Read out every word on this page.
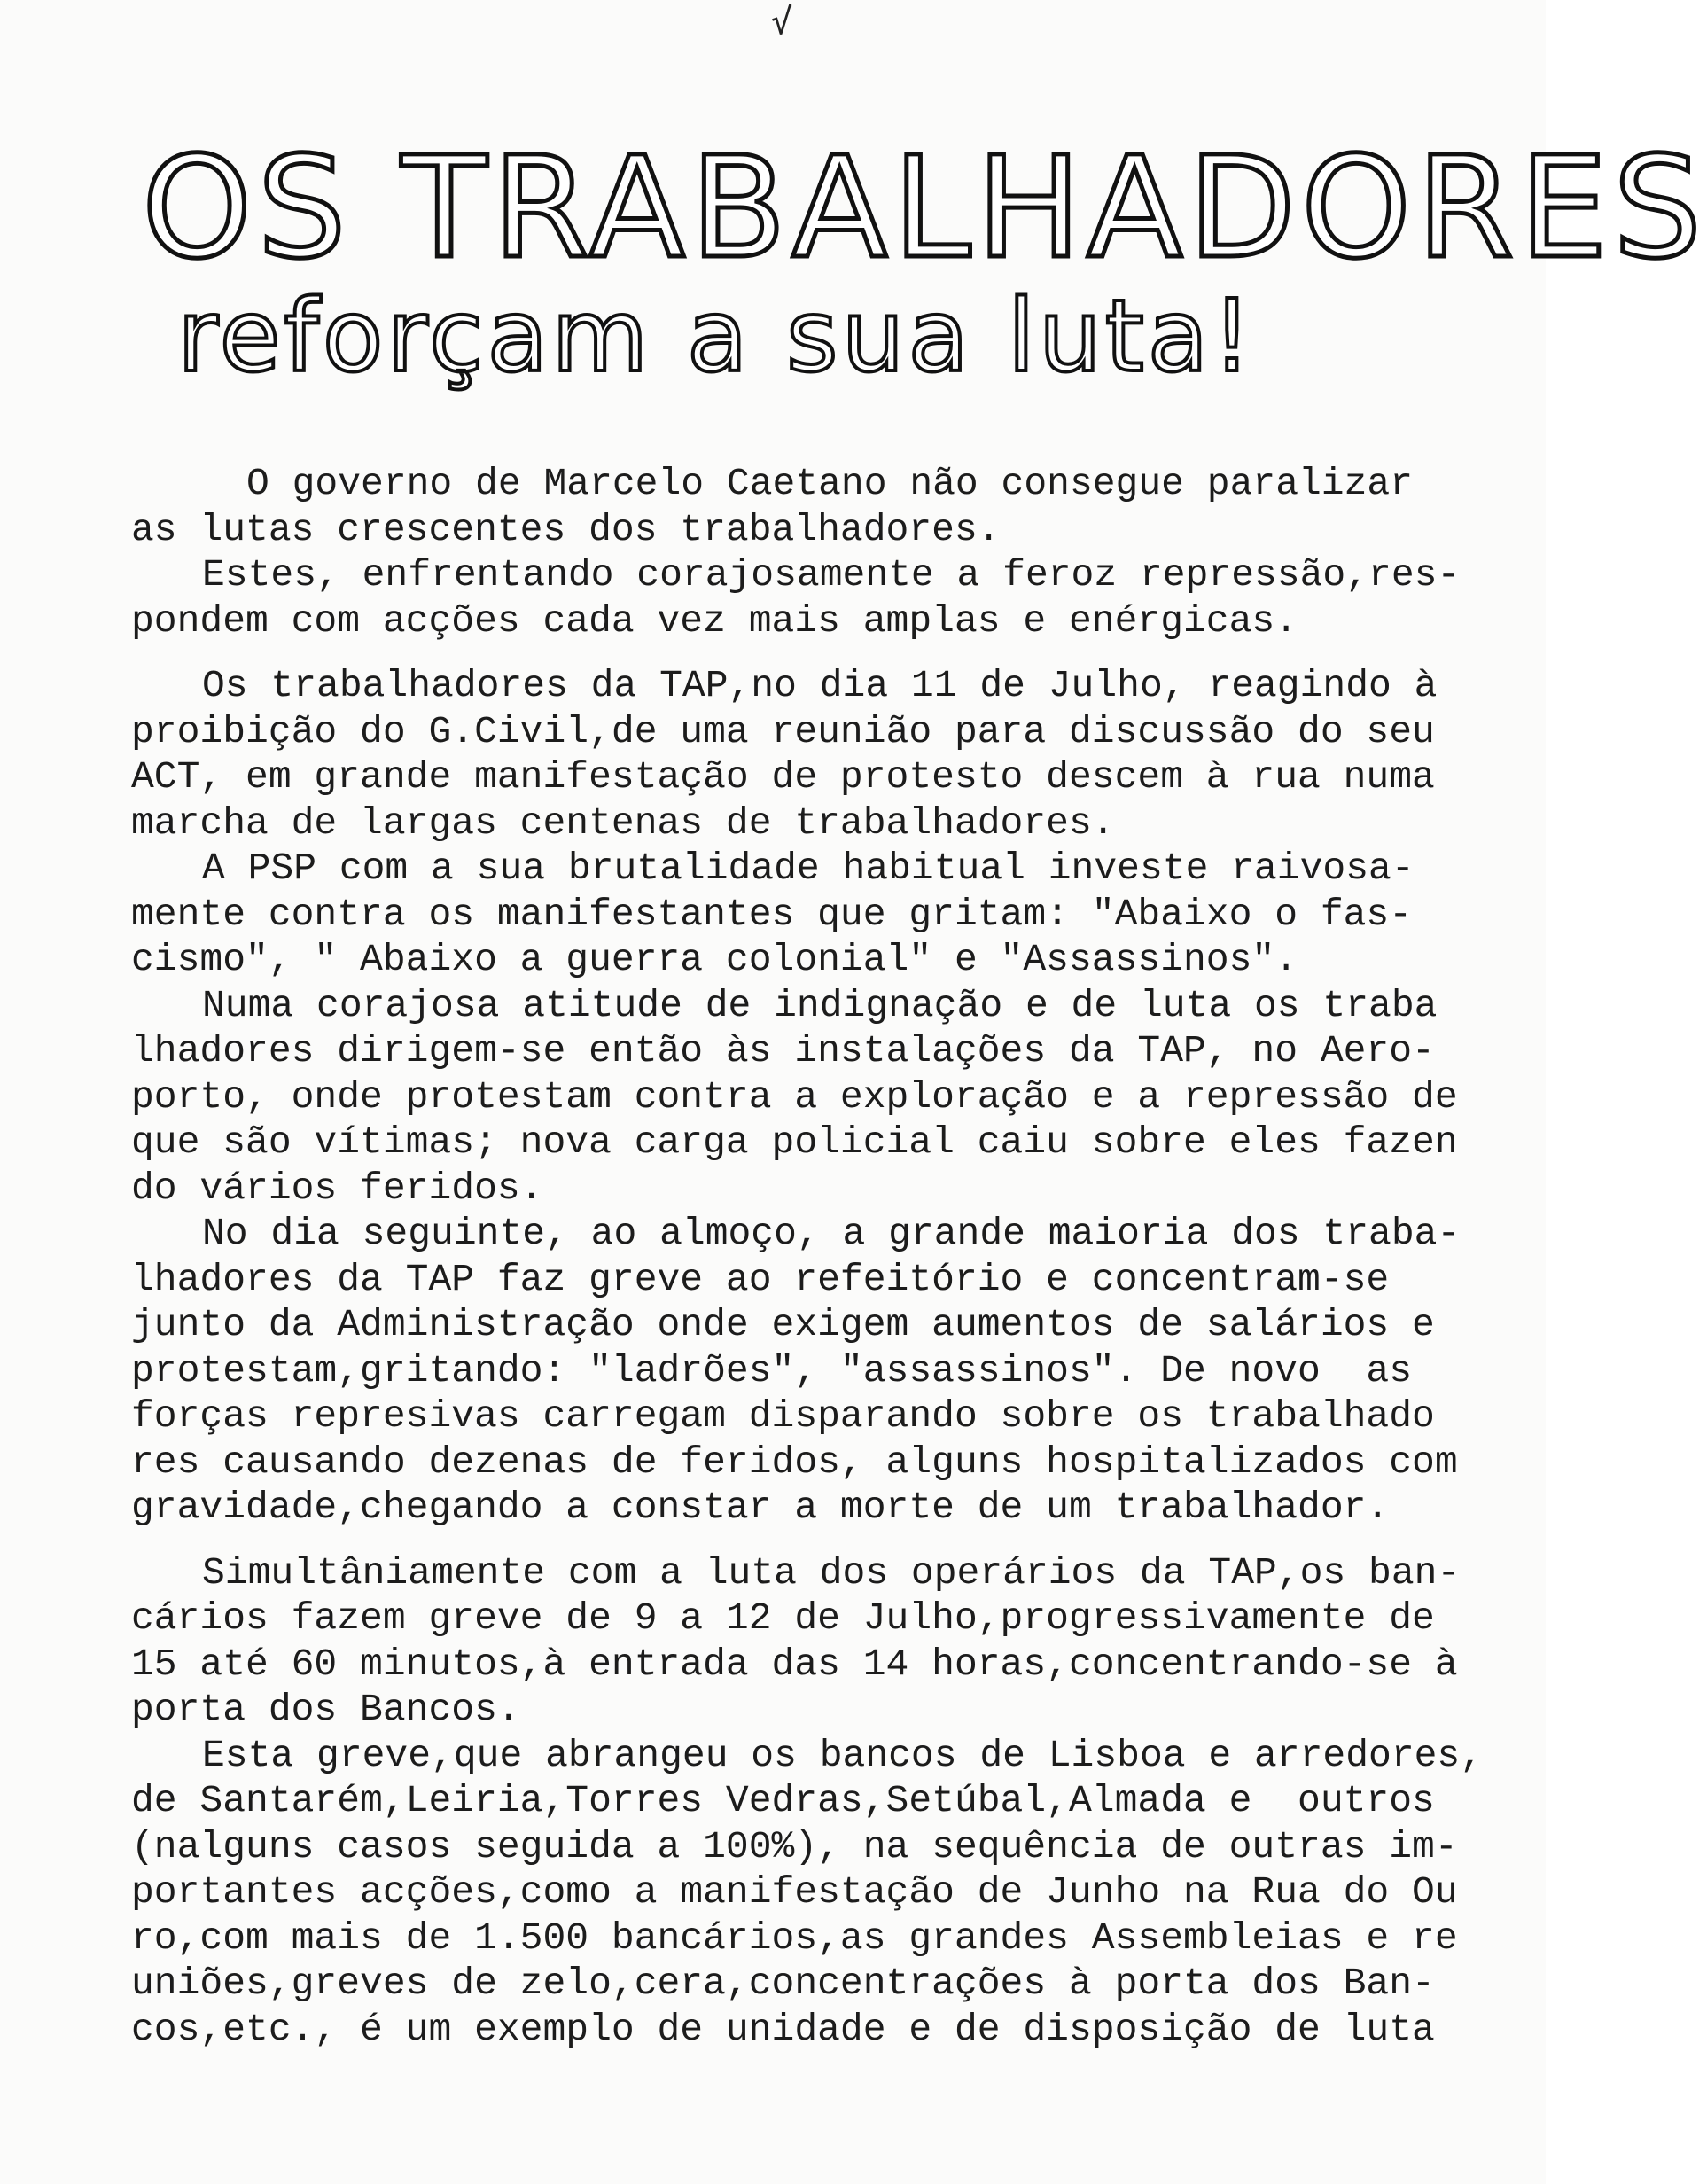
√
OS TRABALHADORES
reforçam a sua luta!
O governo de Marcelo Caetano não consegue paralizar
as lutas crescentes dos trabalhadores.
Estes, enfrentando corajosamente a feroz repressão,res-
pondem com acções cada vez mais amplas e enérgicas.
Os trabalhadores da TAP,no dia 11 de Julho, reagindo à
proibição do G.Civil,de uma reunião para discussão do seu
ACT, em grande manifestação de protesto descem à rua numa
marcha de largas centenas de trabalhadores.
A PSP com a sua brutalidade habitual investe raivosa-
mente contra os manifestantes que gritam: "Abaixo o fas-
cismo", " Abaixo a guerra colonial" e "Assassinos".
Numa corajosa atitude de indignação e de luta os traba
lhadores dirigem-se então às instalações da TAP, no Aero-
porto, onde protestam contra a exploração e a repressão de
que são vítimas; nova carga policial caiu sobre eles fazen
do vários feridos.
No dia seguinte, ao almoço, a grande maioria dos traba-
lhadores da TAP faz greve ao refeitório e concentram-se
junto da Administração onde exigem aumentos de salários e
protestam,gritando: "ladrões", "assassinos". De novo  as
forças represivas carregam disparando sobre os trabalhado
res causando dezenas de feridos, alguns hospitalizados com
gravidade,chegando a constar a morte de um trabalhador.
Simultâniamente com a luta dos operários da TAP,os ban-
cários fazem greve de 9 a 12 de Julho,progressivamente de
15 até 60 minutos,à entrada das 14 horas,concentrando-se à
porta dos Bancos.
Esta greve,que abrangeu os bancos de Lisboa e arredores,
de Santarém,Leiria,Torres Vedras,Setúbal,Almada e  outros
(nalguns casos seguida a 100%), na sequência de outras im-
portantes acções,como a manifestação de Junho na Rua do Ou
ro,com mais de 1.500 bancários,as grandes Assembleias e re
uniões,greves de zelo,cera,concentrações à porta dos Ban-
cos,etc., é um exemplo de unidade e de disposição de luta
